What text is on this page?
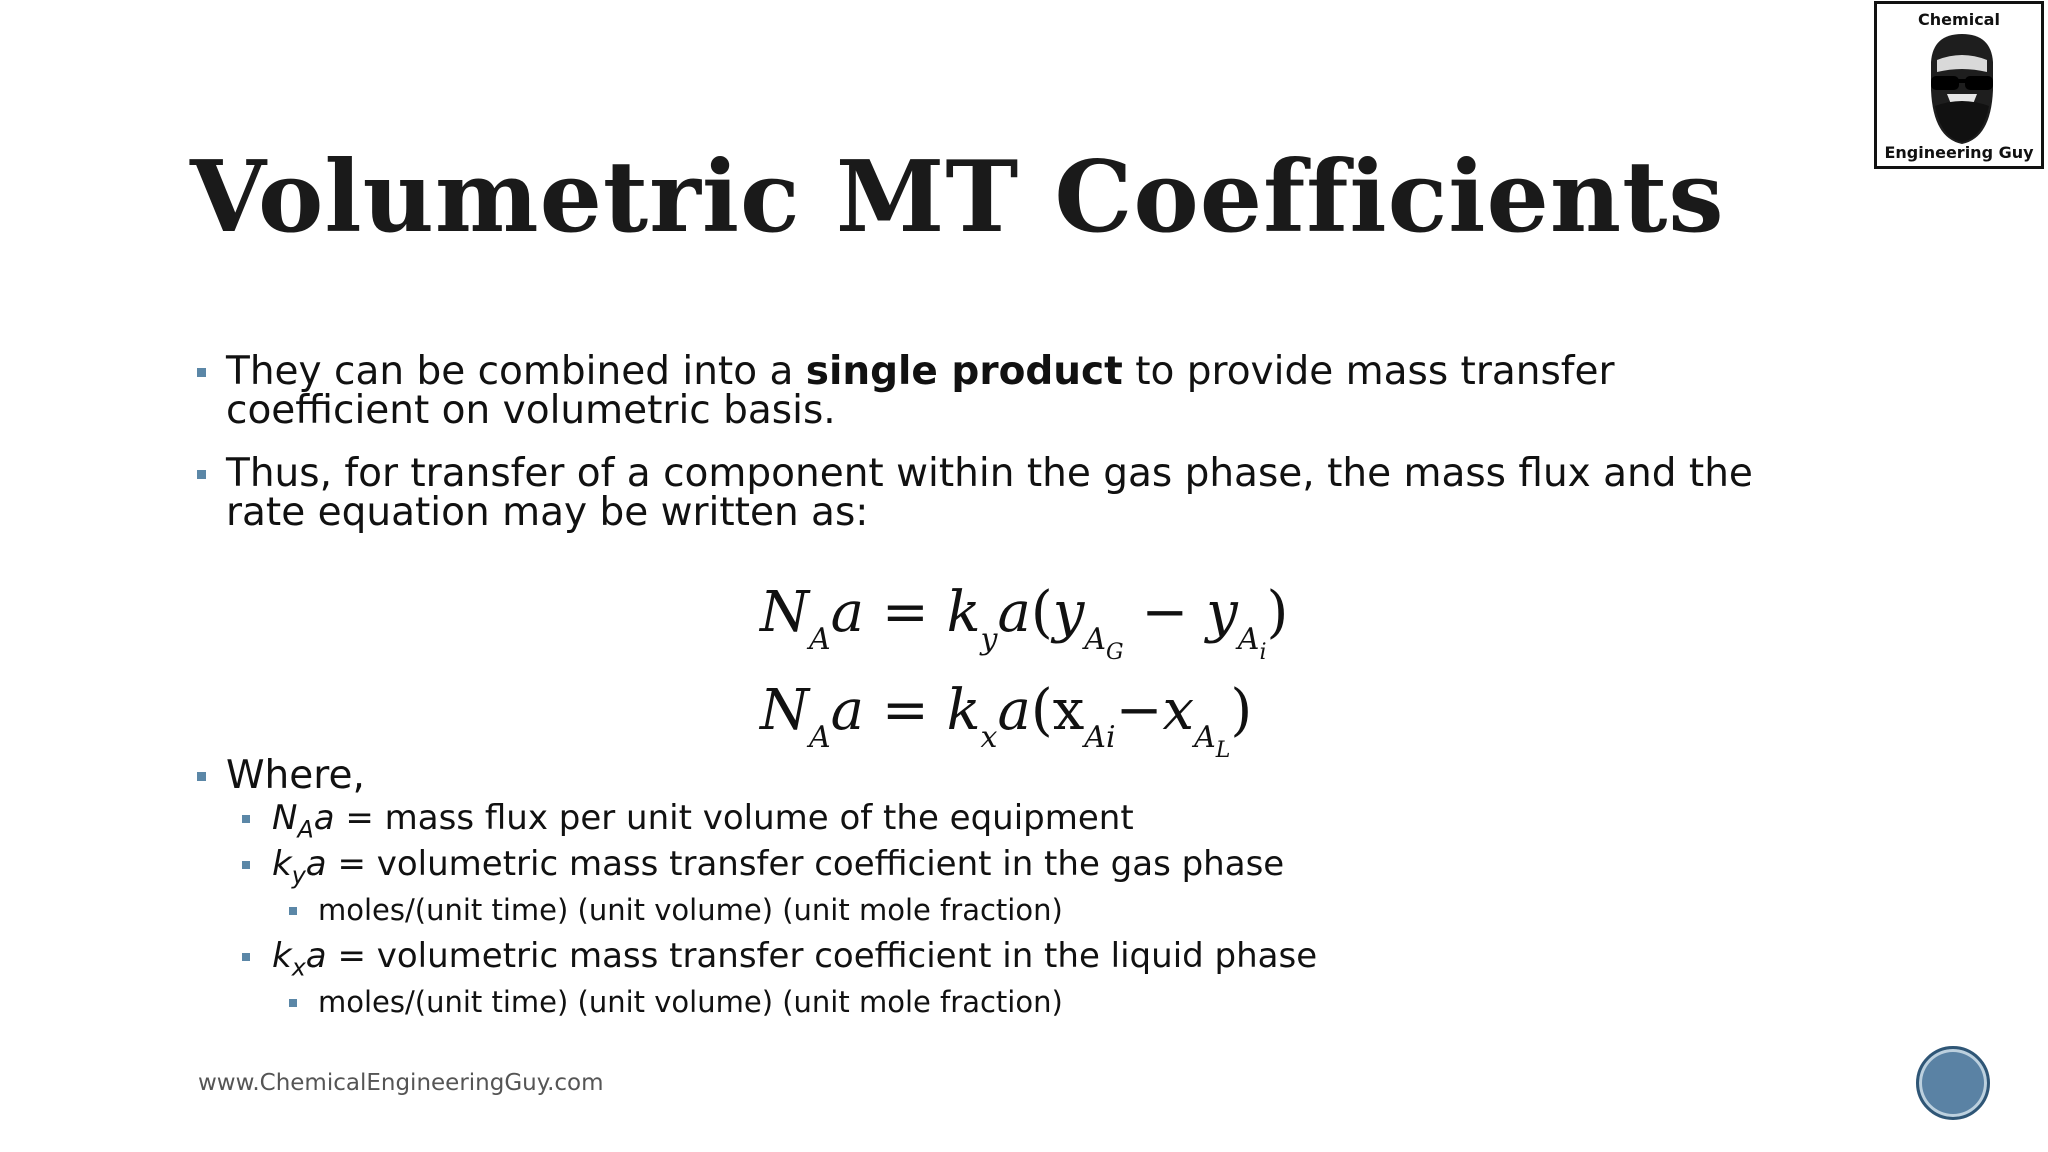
Chemical
Engineering Guy
Volumetric MT Coefficients
They can be combined into a single product to provide mass transfer coefficient on volumetric basis.
Thus, for transfer of a component within the gas phase, the mass flux and the rate equation may be written as:
$N_Aa = k_ya(y_{A_G} - y_{A_i})$
$N_Aa = k_xa(x_{Ai}-x_{A_L})$
Where,
$N_Aa$ = mass flux per unit volume of the equipment
$k_ya$ = volumetric mass transfer coefficient in the gas phase
moles/(unit time) (unit volume) (unit mole fraction)
$k_xa$ = volumetric mass transfer coefficient in the liquid phase
moles/(unit time) (unit volume) (unit mole fraction)
www.ChemicalEngineeringGuy.com
